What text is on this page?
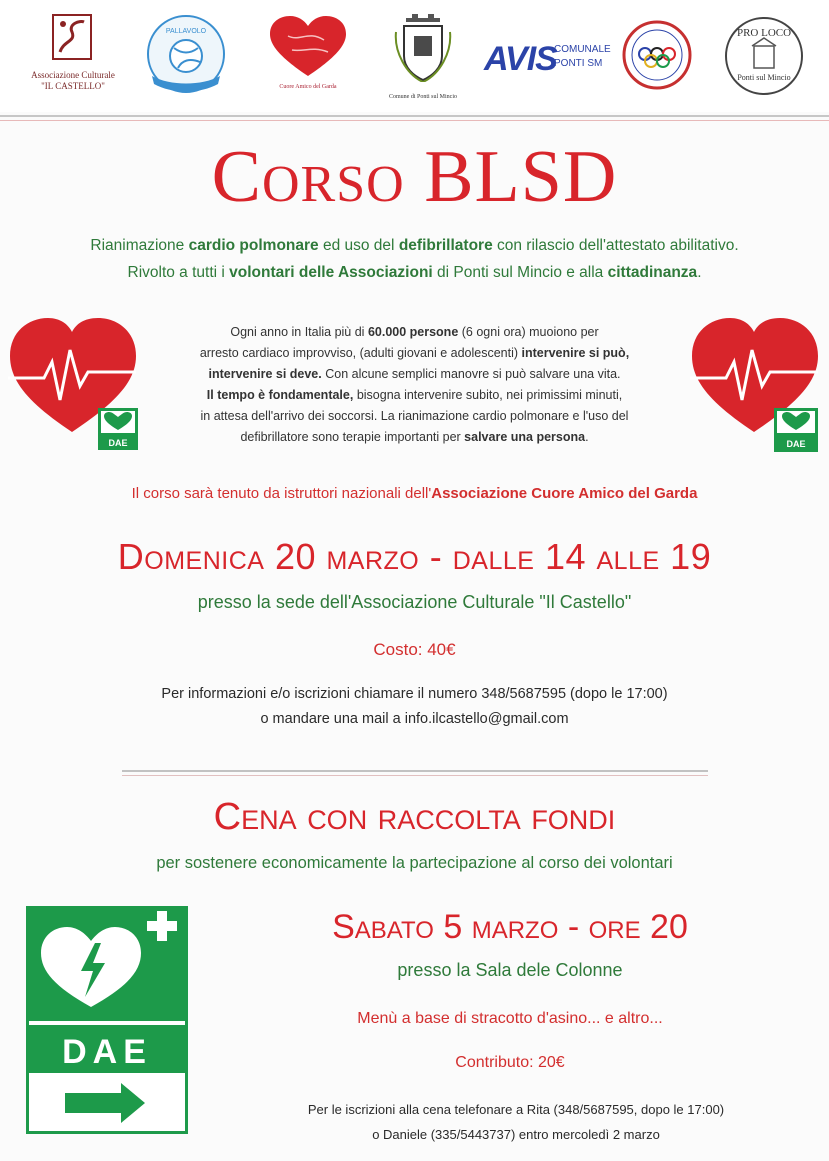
Associazione Culturale
"IL CASTELLO"
PALLAVOLO
Cuore Amico del Garda
Comune di Ponti sul Mincio
AVIS
COMUNALE
PONTI SM
PRO LOCO
Ponti sul Mincio
Corso BLSD
Rianimazione cardio polmonare ed uso del defibrillatore con rilascio dell'attestato abilitativo.
Rivolto a tutti i volontari delle Associazioni di Ponti sul Mincio e alla cittadinanza.
DAE	DAE
Ogni anno in Italia più di 60.000 persone (6 ogni ora) muoiono per
arresto cardiaco improvviso, (adulti giovani e adolescenti) intervenire si può,
intervenire si deve. Con alcune semplici manovre si può salvare una vita.
Il tempo è fondamentale, bisogna intervenire subito, nei primissimi minuti,
in attesa dell'arrivo dei soccorsi. La rianimazione cardio polmonare e l'uso del
defibrillatore sono terapie importanti per salvare una persona.
Il corso sarà tenuto da istruttori nazionali dell'Associazione Cuore Amico del Garda
Domenica 20 marzo - dalle 14 alle 19
presso la sede dell'Associazione Culturale "Il Castello"
Costo: 40€
Per informazioni e/o iscrizioni chiamare il numero 348/5687595 (dopo le 17:00)
o mandare una mail a info.ilcastello@gmail.com
Cena con raccolta fondi
per sostenere economicamente la partecipazione al corso dei volontari
DAE
Sabato 5 marzo - ore 20
presso la Sala dele Colonne
Menù a base di stracotto d'asino... e altro...
Contributo: 20€
Per le iscrizioni alla cena telefonare a Rita (348/5687595, dopo le 17:00)
o Daniele (335/5443737) entro mercoledì 2 marzo
